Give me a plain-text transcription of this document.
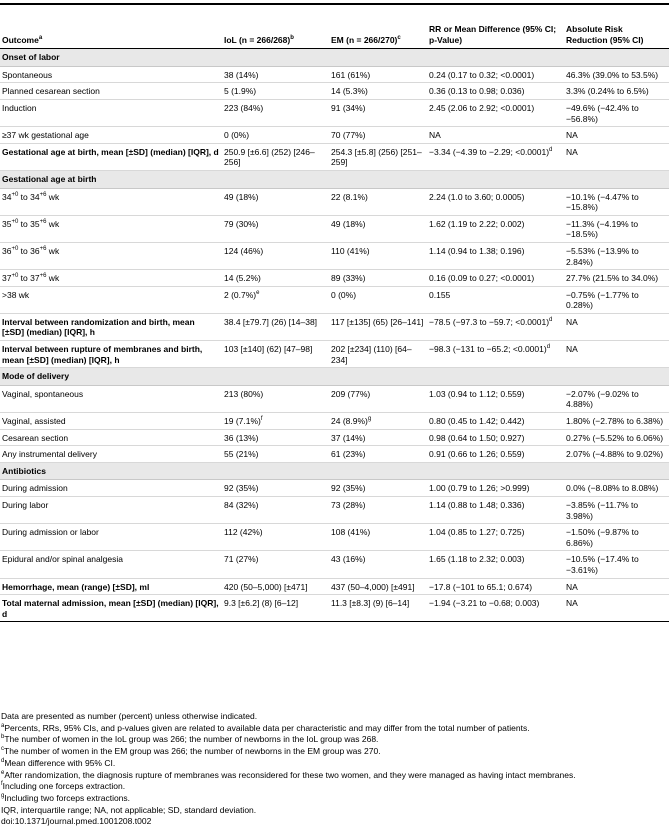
Outcome$^a$	IoL (n = 266/268)$^b$	EM (n = 266/270)$^c$	RR or Mean Difference (95% CI; p-Value)	Absolute Risk Reduction (95% CI)
Onset of labor				
Spontaneous	38 (14%)	161 (61%)	0.24 (0.17 to 0.32; <0.0001)	46.3% (39.0% to 53.5%)
Planned cesarean section	5 (1.9%)	14 (5.3%)	0.36 (0.13 to 0.98; 0.036)	3.3% (0.24% to 6.5%)
Induction	223 (84%)	91 (34%)	2.45 (2.06 to 2.92; <0.0001)	−49.6% (−42.4% to −56.8%)
≥37 wk gestational age	0 (0%)	70 (77%)	NA	NA
Gestational age at birth, mean [±SD] (median) [IQR], d	250.9 [±6.6] (252) [246–256]	254.3 [±5.8] (256) [251–259]	−3.34 (−4.39 to −2.29; <0.0001)$^d$	NA
Gestational age at birth				
$34^{+0}$ to $34^{+6}$ wk	49 (18%)	22 (8.1%)	2.24 (1.0 to 3.60; 0.0005)	−10.1% (−4.47% to −15.8%)
$35^{+0}$ to $35^{+6}$ wk	79 (30%)	49 (18%)	1.62 (1.19 to 2.22; 0.002)	−11.3% (−4.19% to −18.5%)
$36^{+0}$ to $36^{+6}$ wk	124 (46%)	110 (41%)	1.14 (0.94 to 1.38; 0.196)	−5.53% (−13.9% to 2.84%)
$37^{+0}$ to $37^{+6}$ wk	14 (5.2%)	89 (33%)	0.16 (0.09 to 0.27; <0.0001)	27.7% (21.5% to 34.0%)
>38 wk	2 $(0.7\%)^e$	0 (0%)	0.155	−0.75% (−1.77% to 0.28%)
Interval between randomization and birth, mean [±SD] (median) [IQR], h	38.4 [±79.7] (26) [14–38]	117 [±135] (65) [26–141]	−78.5 (−97.3 to −59.7; <0.0001)$^d$	NA
Interval between rupture of membranes and birth, mean [±SD] (median) [IQR], h	103 [±140] (62) [47–98]	202 [±234] (110) [64–234]	−98.3 (−131 to −65.2; <0.0001)$^d$	NA
Mode of delivery				
Vaginal, spontaneous	213 (80%)	209 (77%)	1.03 (0.94 to 1.12; 0.559)	−2.07% (−9.02% to 4.88%)
Vaginal, assisted	19 $(7.1\%)^f$	24 $(8.9\%)^g$	0.80 (0.45 to 1.42; 0.442)	1.80% (−2.78% to 6.38%)
Cesarean section	36 (13%)	37 (14%)	0.98 (0.64 to 1.50; 0.927)	0.27% (−5.52% to 6.06%)
Any instrumental delivery	55 (21%)	61 (23%)	0.91 (0.66 to 1.26; 0.559)	2.07% (−4.88% to 9.02%)
Antibiotics				
During admission	92 (35%)	92 (35%)	1.00 (0.79 to 1.26; >0.999)	0.0% (−8.08% to 8.08%)
During labor	84 (32%)	73 (28%)	1.14 (0.88 to 1.48; 0.336)	−3.85% (−11.7% to 3.98%)
During admission or labor	112 (42%)	108 (41%)	1.04 (0.85 to 1.27; 0.725)	−1.50% (−9.87% to 6.86%)
Epidural and/or spinal analgesia	71 (27%)	43 (16%)	1.65 (1.18 to 2.32; 0.003)	−10.5% (−17.4% to −3.61%)
Hemorrhage, mean (range) [±SD], ml	420 (50–5,000) [±471]	437 (50–4,000) [±491]	−17.8 (−101 to 65.1; 0.674)	NA
Total maternal admission, mean [±SD] (median) [IQR], d	9.3 [±6.2] (8) [6–12]	11.3 [±8.3] (9) [6–14]	−1.94 (−3.21 to −0.68; 0.003)	NA
Data are presented as number (percent) unless otherwise indicated.
$^a$Percents, RRs, 95% CIs, and p-values given are related to available data per characteristic and may differ from the total number of patients.
$^b$The number of women in the IoL group was 266; the number of newborns in the IoL group was 268.
$^c$The number of women in the EM group was 266; the number of newborns in the EM group was 270.
$^d$Mean difference with 95% CI.
$^e$After randomization, the diagnosis rupture of membranes was reconsidered for these two women, and they were managed as having intact membranes.
$^f$Including one forceps extraction.
$^g$Including two forceps extractions.
IQR, interquartile range; NA, not applicable; SD, standard deviation.
doi:10.1371/journal.pmed.1001208.t002
